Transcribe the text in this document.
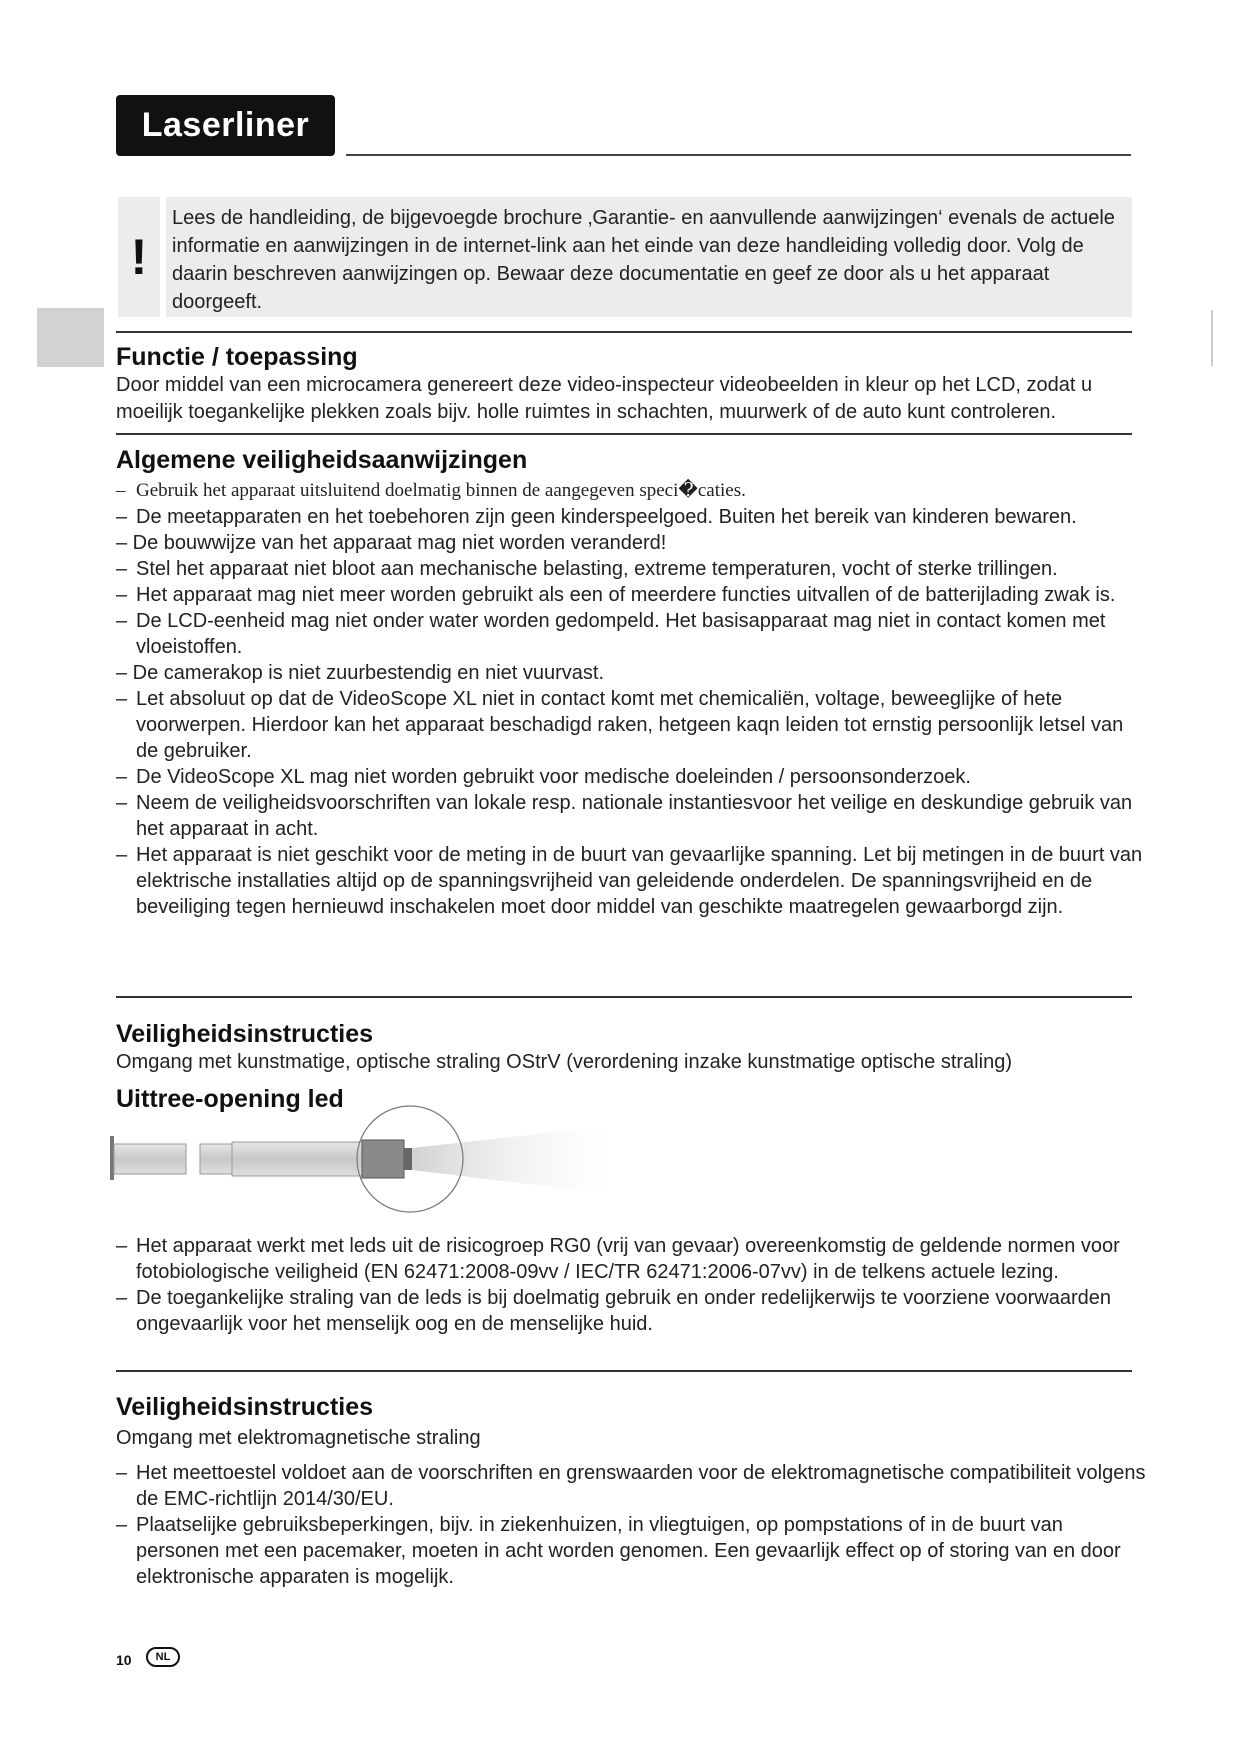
Laserliner
!
Lees de handleiding, de bijgevoegde brochure ‚Garantie- en aanvullende aanwijzingen‘ evenals de actuele informatie en aanwijzingen in de internet-link aan het einde van deze handleiding volledig door. Volg de daarin beschreven aanwijzingen op. Bewaar deze documentatie en geef ze door als u het apparaat doorgeeft.
Functie / toepassing

Door middel van een microcamera genereert deze video-inspecteur videobeelden in kleur op het LCD, zodat u moeilijk toegankelijke plekken zoals bijv. holle ruimtes in schachten, muurwerk of de auto kunt controleren.

Algemene veiligheidsaanwijzingen
– Gebruik het apparaat uitsluitend doelmatig binnen de aangegeven speci�caties.
– De meetapparaten en het toebehoren zijn geen kinderspeelgoed. Buiten het bereik van kinderen bewaren.
– De bouwwijze van het apparaat mag niet worden veranderd!
– Stel het apparaat niet bloot aan mechanische belasting, extreme temperaturen, vocht of sterke trillingen.
– Het apparaat mag niet meer worden gebruikt als een of meerdere functies uitvallen of de batterijlading zwak is.
– De LCD-eenheid mag niet onder water worden gedompeld. Het basisapparaat mag niet in contact komen met vloeistoffen.
– De camerakop is niet zuurbestendig en niet vuurvast.
– Let absoluut op dat de VideoScope XL niet in contact komt met chemicaliën, voltage, beweeglijke of hete voorwerpen. Hierdoor kan het apparaat beschadigd raken, hetgeen kaqn leiden tot ernstig persoonlijk letsel van de gebruiker.
– De VideoScope XL mag niet worden gebruikt voor medische doeleinden / persoonsonderzoek.
– Neem de veiligheidsvoorschriften van lokale resp. nationale instantiesvoor het veilige en deskundige gebruik van het apparaat in acht.
– Het apparaat is niet geschikt voor de meting in de buurt van gevaarlijke spanning. Let bij metingen in de buurt van elektrische installaties altijd op de spanningsvrijheid van geleidende onderdelen. De spanningsvrijheid en de beveiliging tegen hernieuwd inschakelen moet door middel van geschikte maatregelen gewaarborgd zijn.
Veiligheidsinstructies

Omgang met kunstmatige, optische straling OStrV (verordening inzake kunstmatige optische straling)

Uittree-opening led
– Het apparaat werkt met leds uit de risicogroep RG0 (vrij van gevaar) overeenkomstig de geldende normen voor fotobiologische veiligheid (EN 62471:2008-09vv / IEC/TR 62471:2006-07vv) in de telkens actuele lezing.
– De toegankelijke straling van de leds is bij doelmatig gebruik en onder redelijkerwijs te voorziene voorwaarden ongevaarlijk voor het menselijk oog en de menselijke huid.
Veiligheidsinstructies

Omgang met elektromagnetische straling

– Het meettoestel voldoet aan de voorschriften en grenswaarden voor de elektromagnetische compatibiliteit volgens de EMC-richtlijn 2014/30/EU.
– Plaatselijke gebruiksbeperkingen, bijv. in ziekenhuizen, in vliegtuigen, op pompstations of in de buurt van personen met een pacemaker, moeten in acht worden genomen. Een gevaarlijk effect op of storing van en door elektronische apparaten is mogelijk.
10	NL
